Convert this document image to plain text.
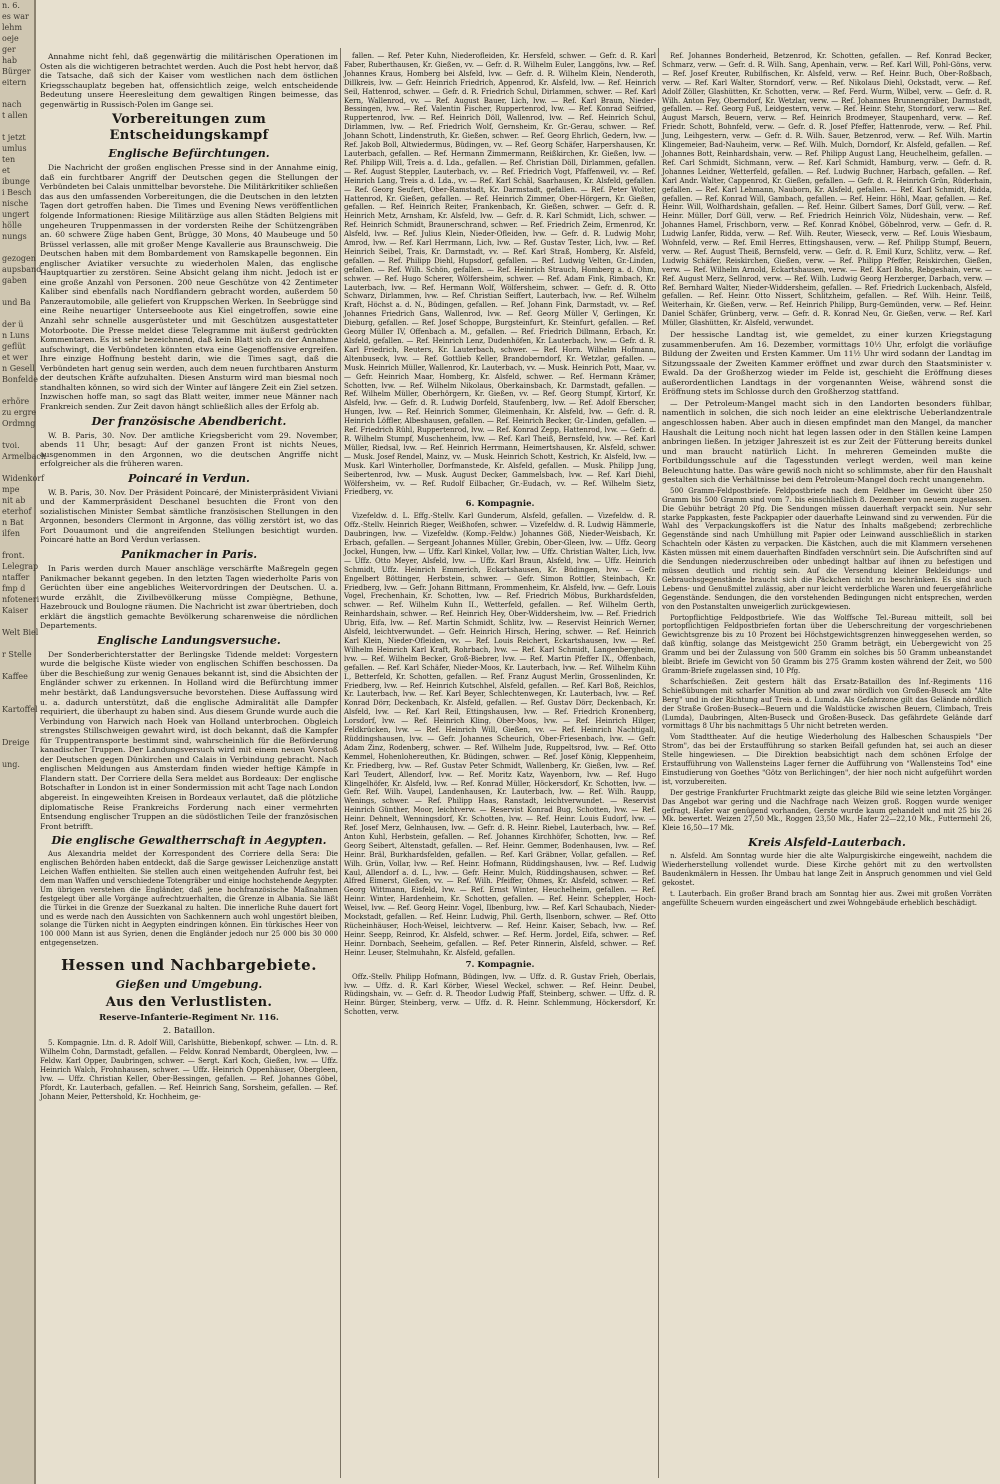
n. 6.
es war
lehm
oeje
ger
hab
Bürger
eitern

nach
t allen

t jetzt
umlus
ten
et
ibunge
i Besch
nische
ungert
hölle
nungs

gezogen
aupsband
gaben

und Ba

der ü
n Luns
geflüt
et wer
n Gesell
Bonfelde

erhöre
zu ergre
Ordmng

tvoi.
Armelbach

Widenkorf
mpe
nit ab
eterhof
n Bat
ilfen

front.
Lelegrap
ntaffer
fmp d
nfoteneri
Kaiser

Welt Biel

r Stelle

Kaffee

Kartoffel

Dreige

ung.

Annahme nicht fehl, daß gegenwärtig die militärischen Operationen im Osten als die wichtigeren betrachtet werden. Auch die Post hebt hervor, daß die Tatsache, daß sich der Kaiser vom westlichen nach dem östlichen Kriegsschauplatz begeben hat, offensichtlich zeige, welch entscheidende Bedeutung unsere Heeresleitung dem gewaltigen Ringen beimesse, das gegenwärtig in Russisch-Polen im Gange sei.

Vorbereitungen zum Entscheidungskampf
Englische Befürchtungen.

Die Nachricht der großen englischen Presse sind in der Annahme einig, daß ein furchtbarer Angriff der Deutschen gegen die Stellungen der Verbündeten bei Calais unmittelbar bevorstehe. Die Militärkritiker schließen das aus den umfassenden Vorbereitungen, die die Deutschen in den letzten Tagen dort getroffen haben. Die Times und Evening News veröffentlichen folgende Informationen: Riesige Militärzüge aus allen Städten Belgiens mit ungeheuren Truppenmassen in der vordersten Reihe der Schützengräben an. 60 schwere Züge haben Gent, Brügge, 30 Mons, 40 Maubeuge und 50 Brüssel verlassen, alle mit großer Menge Kavallerie aus Braunschweig. Die Deutschen haben mit dem Bombardement von Ramskapelle begonnen. Ein englischer Aviatiker versuchte zu wiederholen Malen, das englische Hauptquartier zu zerstören. Seine Absicht gelang ihm nicht. Jedoch ist er eine große Anzahl von Personen. 200 neue Geschütze von 42 Zentimeter Kaliber sind ebenfalls nach Nordflandern gebracht worden, außerdem 50 Panzerautomobile, alle geliefert von Kruppschen Werken. In Seebrügge sind eine Reihe neuartiger Unterseeboote aus Kiel eingetroffen, sowie eine Anzahl sehr schnelle ausgerüsteter und mit Geschützen ausgestatteter Motorboote. Die Presse meldet diese Telegramme mit äußerst gedrückten Kommentaren. Es ist sehr bezeichnend, daß kein Blatt sich zu der Annahme aufschwingt, die Verbündeten könnten etwa eine Gegenoffensive ergreifen. Ihre einzige Hoffnung besteht darin, wie die Times sagt, daß die Verbündeten hart genug sein werden, auch dem neuen furchtbaren Ansturm der deutschen Kräfte aufzuhalten. Diesen Ansturm wird man biesmal noch standhalten können, so wird sich der Winter auf längere Zeit ein Ziel setzen. Inzwischen hoffe man, so sagt das Blatt weiter, immer neue Männer nach Frankreich senden. Zur Zeit davon hängt schließlich alles der Erfolg ab.

Der französische Abendbericht.

W. B. Paris, 30. Nov. Der amtliche Kriegsbericht vom 29. November, abends 11 Uhr, besagt: Auf der ganzen Front ist nichts Neues, ausgenommen in den Argonnen, wo die deutschen Angriffe nicht erfolgreicher als die früheren waren.

Poincaré in Verdun.

W. B. Paris, 30. Nov. Der Präsident Poincaré, der Ministerpräsident Viviani und der Kammerpräsident Deschanel besuchten die Front von den sozialistischen Minister Sembat sämtliche französischen Stellungen in den Argonnen, besonders Clermont in Argonne, das völlig zerstört ist, wo das Fort Douaumont und die angreifenden Stellungen besichtigt wurden. Poincaré hatte an Bord Verdun verlassen.

Panikmacher in Paris.

In Paris werden durch Mauer anschläge verschärfte Maßregeln gegen Panikmacher bekannt gegeben. In den letzten Tagen wiederholte Paris von Gerüchten über eine angebliches Weitervordringen der Deutschen. U. a. wurde erzählt, die Zivilbevölkerung müsse Compiègne, Bethune, Hazebrouck und Boulogne räumen. Die Nachricht ist zwar übertrieben, doch erklärt die ängstlich gemachte Bevölkerung scharenweise die nördlichen Departements.

Englische Landungsversuche.

Der Sonderberichterstatter der Berlingske Tidende meldet: Vorgestern wurde die belgische Küste wieder von englischen Schiffen beschossen. Da über die Beschießung zur wenig Genaues bekannt ist, sind die Absichten der Engländer schwer zu erkennen. In Holland wird die Befürchtung immer mehr bestärkt, daß Landungsversuche bevorstehen. Diese Auffassung wird u. a. dadurch unterstützt, daß die englische Admiralität alle Dampfer requiriert, die überhaupt zu haben sind. Aus diesem Grunde wurde auch die Verbindung von Harwich nach Hoek van Holland unterbrochen. Obgleich strengstes Stillschweigen gewahrt wird, ist doch bekannt, daß die Kampfer für Truppentransporte bestimmt sind, wahrscheinlich für die Beförderung kanadischer Truppen. Der Landungsversuch wird mit einem neuen Vorstoß der Deutschen gegen Dünkirchen und Calais in Verbindung gebracht. Nach englischen Meldungen aus Amsterdam finden wieder heftige Kämpfe in Flandern statt. Der Corriere della Sera meldet aus Bordeaux: Der englische Botschafter in London ist in einer Sondermission mit acht Tage nach London abgereist. In eingeweihten Kreisen in Bordeaux verlautet, daß die plötzliche diplomatische Reise Frankreichs Forderung nach einer vermehrten Entsendung englischer Truppen an die südöstlichen Teile der französischen Front betrifft.

Die englische Gewaltherrschaft in Aegypten.

Aus Alexandria meldet der Korrespondent des Corriere della Sera: Die englischen Behörden haben entdeckt, daß die Sarge gewisser Leichenzüge anstatt Leichen Waffen enthielten. Sie stellen auch einen weitgehenden Aufruhr fest, bei dem man Waffen und verschiedene Totengräber und einige hochstehende Aegypter. Um übrigen verstehen die Engländer, daß jene hochfranzösische Maßnahmen festgelegt über alle Vorgänge aufrechtzuerhalten, die Grenze in Albania. Sie läßt die Türkei in die Grenze der Suezkanal zu halten. Die innerliche Ruhe dauert fort und es werde nach den Aussichten von Sachkennern auch wohl ungestört bleiben, solange die Türken nicht in Aegypten eindringen können. Ein türkisches Heer von 100 000 Mann ist aus Syrien, denen die Engländer jedoch nur 25 000 bis 30 000 entgegensetzen.

Hessen und Nachbargebiete.
Gießen und Umgebung.
Aus den Verlustlisten.
Reserve-Infanterie-Regiment Nr. 116.
2. Bataillon.

5. Kompagnie. Ltn. d. R. Adolf Will, Carlshütte, Biebenkopf, schwer. — Ltn. d. R. Wilhelm Cohn, Darmstadt, gefallen. — Feldw. Konrad Nembardt, Obergleen, lvw. — Feldw. Karl Opper, Daubringen, schwer. — Sergt. Karl Koch, Gießen, lvw. — Uffz. Heinrich Walch, Frohnhausen, schwer. — Uffz. Heinrich Oppenhäuser, Obergleen, lvw. — Uffz. Christian Keller, Ober-Bessingen, gefallen. — Ref. Johannes Göbel, Pfordt, Kr. Lauterbach, gefallen. — Ref. Heinrich Sang, Sorsheim, gefallen. — Ref. Johann Meier, Pettershold, Kr. Hochheim, ge-

fallen. — Ref. Peter Kuhn, Niederofleiden, Kr. Hersfeld, schwer. — Gefr. d. R. Karl Faber, Ruberthausen, Kr. Gießen, vv. — Gefr. d. R. Wilhelm Euler, Langgöns, lvw. — Ref. Johannes Kraus, Homberg bei Alsfeld, lvw. — Gefr. d. R. Wilhelm Klein, Nenderoth, Dillkreis, lvw. — Gefr. Heinrich Friedrich, Appenrod, Kr. Alsfeld, lvw. — Ref. Heinrich Seil, Hattenrod, schwer. — Gefr. d. R. Friedrich Schul, Dirlammen, schwer. — Ref. Karl Kern, Wallenrod, vv. — Ref. August Bauer, Lich, lvw. — Ref. Karl Braun, Nieder-Bessingen, lvw. — Ref. Valentin Fischer, Ruppertenrod, lvw. — Ref. Konrad Seifried, Ruppertenrod, lvw. — Ref. Heinrich Döll, Wallenrod, lvw. — Ref. Heinrich Schul, Dirlammen, lvw. — Ref. Friedrich Wolf, Gernsheim, Kr. Gr.-Gerau, schwer. — Ref. Johann Schott, Lindenstruth, Kr. Gießen, schwer. — Ref. Georg Ehrlich, Gedern, lvw. — Ref. Jakob Boll, Altwiedermus, Büdingen, vv. — Ref. Georg Schäfer, Harpershausen, Kr. Lauterbach, gefallen. — Ref. Hermann Zimmermann, Reißkirchen, Kr. Gießen, lvw. — Ref. Philipp Will, Treis a. d. Lda., gefallen. — Ref. Christian Döll, Dirlammen, gefallen. — Ref. August Steppler, Lauterbach, vv. — Ref. Friedrich Vogt, Pfaffenweil, vv. — Ref. Heinrich Lang, Treis a. d. Lda., vv. — Ref. Karl Schäl, Saarhausen, Kr. Alsfeld, gefallen. — Ref. Georg Seufert, Ober-Ramstadt, Kr. Darmstadt, gefallen. — Ref. Peter Wolter, Hattenrod, Kr. Gießen, gefallen. — Ref. Heinrich Zimmer, Ober-Hörgern, Kr. Gießen, gefallen. — Ref. Heinrich Reiter, Frankenbach, Kr. Gießen, schwer. — Gefr. d. R. Heinrich Metz, Arnsham, Kr. Alsfeld, lvw. — Gefr. d. R. Karl Schmidt, Lich, schwer. — Ref. Heinrich Schmidt, Braunerschrand, schwer. — Ref. Friedrich Zeim, Ermenrod, Kr. Alsfeld, lvw. — Ref. Julius Klein, Nieder-Ofleiden, lvw. — Gefr. d. R. Ludwig Mohr, Amrod, lvw. — Ref. Karl Herrmann, Lich, lvw. — Ref. Gustav Tester, Lich, lvw. — Ref. Heinrich Seibel, Trais, Kr. Darmstadt, vv. — Ref. Karl Straß, Homberg, Kr. Alsfeld, gefallen. — Ref. Philipp Diehl, Hupsdorf, gefallen. — Ref. Ludwig Velten, Gr.-Linden, gefallen. — Ref. Wilh. Schön, gefallen. — Ref. Heinrich Strauch, Homberg a. d. Ohm, schwer. — Ref. Hugo Scherer, Wölfersheim, schwer. — Ref. Adam Fink, Rimbach, Kr. Lauterbach, lvw. — Ref. Hermann Wolf, Wölfersheim, schwer. — Gefr. d. R. Otto Schwarz, Dirlammen, lvw. — Ref. Christian Seiffert, Lauterbach, lvw. — Ref. Wilhelm Kraft, Höchst a. d. N., Büdingen, gefallen. — Ref. Johann Fink, Darmstadt, vv. — Ref. Johannes Friedrich Gans, Wallenrod, lvw. — Ref. Georg Müller V, Gerlingen, Kr. Dieburg, gefallen. — Ref. Josef Schoppe, Burgsteinfurt, Kr. Steinfurt, gefallen. — Ref. Georg Müller IV, Offenbach a. M., gefallen. — Ref. Friedrich Dillmann, Erbach, Kr. Alsfeld, gefallen. — Ref. Heinrich Lenz, Dudenhöfen, Kr. Lauterbach, lvw. — Gefr. d. R. Karl Friedrich, Reuters, Kr. Lauterbach, schwer. — Ref. Horn. Wilhelm Hofmann, Altenbuseck, lvw. — Ref. Gottlieb Keller, Brandoberndorf, Kr. Wetzlar, gefallen. — Musk. Heinrich Müller, Wallenrod, Kr. Lauterbach, vv. — Musk. Heinrich Pott, Maar, vv. — Gefr. Heinrich Maar, Homberg, Kr. Alsfeld, schwer. — Ref. Hermann Krämer, Schotten, lvw. — Ref. Wilhelm Nikolaus, Oberkainsbach, Kr. Darmstadt, gefallen. — Ref. Wilhelm Müller, Oberhörgern, Kr. Gießen, vv. — Ref. Georg Stumpf, Kirtorf, Kr. Alsfeld, lvw. — Gefr. d. R. Ludwig Dorfeld, Staufenberg, lvw. — Ref. Adolf Eberscher, Hungen, lvw. — Ref. Heinrich Sommer, Gleimenhain, Kr. Alsfeld, lvw. — Gefr. d. R. Heinrich Löffler, Albeshausen, gefallen. — Ref. Heinrich Becker, Gr.-Linden, gefallen. — Ref. Friedrich Rühl, Ruppertenrod, lvw. — Ref. Konrad Zepp, Hattenrod, lvw. — Gefr. d. R. Wilhelm Stumpf, Muschenheim, lvw. — Ref. Karl Theiß, Bernsfeld, lvw. — Ref. Karl Müller, Riedsal, lvw. — Ref. Heinrich Herrmann, Heimertshausen, Kr. Alsfeld, schwer. — Musk. Josef Rendel, Mainz, vv. — Musk. Heinrich Schott, Kestrich, Kr. Alsfeld, lvw. — Musk. Karl Winterholler, Dorfmanstede, Kr. Alsfeld, gefallen. — Musk. Philipp Jung, Seibertenrod, lvw. — Musk. August Decker, Gammelsbach, lvw. — Ref. Karl Diehl, Wölfersheim, vv. — Ref. Rudolf Eilbacher, Gr.-Eudach, vv. — Ref. Wilhelm Sietz, Friedberg, vv.

6. Kompagnie.

Vizefeldw. d. L. Effg.-Stellv. Karl Gunderum, Alsfeld, gefallen. — Vizefeldw. d. R. Offz.-Stellv. Heinrich Rieger, Weißhofen, schwer. — Vizefeldw. d. R. Ludwig Hämmerle, Daubringen, lvw. — Vizefeldw. (Komp.-Feldw.) Johannes Göß, Nieder-Weisbach, Kr. Erbach, gefallen. — Sergeant Johannes Müller, Grebin, Ober-Gleen, lvw. — Uffz. Georg Jockel, Hungen, lvw. — Uffz. Karl Kinkel, Vollar, lvw. — Uffz. Christian Walter, Lich, lvw. — Uffz. Otto Meyer, Alsfeld, lvw. — Uffz. Karl Braun, Alsfeld, lvw. — Uffz. Heinrich Schmidt, Uffz. Heinrich Emmerich, Eckartshausen, Kr. Büdingen, lvw. — Gefr. Engelbert Böttinger, Herbstein, schwer. — Gefr. Simon Rottler, Steinbach, Kr. Friedberg, lvw. — Gefr. Johann Bittmann, Frommenheim, Kr. Alsfeld, lvw. — Gefr. Louis Vogel, Frechenhain, Kr. Schotten, lvw. — Ref. Friedrich Möbus, Burkhardsfelden, schwer. — Ref. Wilhelm Kuhn II., Wetterfeld, gefallen. — Ref. Wilhelm Gerth, Reinhardshain, schwer. — Ref. Heinrich Hey, Ober-Widdersheim, lvw. — Ref. Friedrich Ubrig, Eifa, lvw. — Ref. Martin Schmidt, Schlitz, lvw. — Reservist Heinrich Werner, Alsfeld, leichtverwundet. — Gefr. Heinrich Hirsch, Hering, schwer. — Ref. Heinrich Karl Klein, Nieder-Ofleiden, vv. — Ref. Louis Reichert, Eckartshausen, lvw. — Ref. Wilhelm Heinrich Karl Kraft, Rohrbach, lvw. — Ref. Karl Schmidt, Langenbergheim, lvw. — Ref. Wilhelm Becker, Groß-Biebrer, lvw. — Ref. Martin Pfeffer IX., Offenbach, gefallen. — Ref. Karl Schäfer, Nieder-Moos, Kr. Lauterbach, lvw. — Ref. Wilhelm Kühn I., Betterfeld, Kr. Schotten, gefallen. — Ref. Franz August Merlin, Grossenlinden, Kr. Friedberg, lvw. — Ref. Heinrich Kutschhel, Alsfeld, gefallen. — Ref. Karl Boß, Reichlos, Kr. Lauterbach, lvw. — Ref. Karl Beyer, Schlechtenwegen, Kr. Lauterbach, lvw. — Ref. Konrad Dörr, Deckenbach, Kr. Alsfeld, gefallen. — Ref. Gustav Dörr, Deckenbach, Kr. Alsfeld, lvw. — Ref. Karl Reil, Ettingshausen, lvw. — Ref. Friedrich Kronenberg, Lorsdorf, lvw. — Ref. Heinrich Kling, Ober-Moos, lvw. — Ref. Heinrich Hilger, Feldkrücken, lvw. — Ref. Heinrich Will, Gießen, vv. — Ref. Heinrich Nachtigall, Rüddingshausen, lvw. — Gefr. Johannes Scheurich, Ober-Friesenbach, lvw. — Gefr. Adam Zinz, Rodenberg, schwer. — Ref. Wilhelm Jude, Ruppeltsrod, lvw. — Ref. Otto Kemmel, Hohenlohereuthen, Kr. Büdingen, schwer. — Ref. Josef König, Kleppenheim, Kr. Friedberg, lvw. — Ref. Gustav Peter Schmidt, Wallenberg, Kr. Gießen, lvw. — Ref. Karl Teudert, Allendorf, lvw. — Ref. Moritz Katz, Wayenborn, lvw. — Ref. Hugo Klingelhöfer, Kr. Alsfeld, lvw. — Ref. Konrad Müller, Höckersdorf, Kr. Schotten, lvw. — Gefr. Ref. Wilh. Vaupel, Landenhausen, Kr. Lauterbach, lvw. — Ref. Wilh. Raupp, Wenings, schwer. — Ref. Philipp Haas, Ranstadt, leichtverwundet. — Reservist Heinrich Günther, Moor, leichtverw. — Reservist Konrad Bug, Schotten, lvw. — Ref. Heinr. Dehnelt, Wenningsdorf, Kr. Schotten, lvw. — Ref. Heinr. Louis Eudorf, lvw. — Ref. Josef Merz, Gelnhausen, lvw. — Gefr. d. R. Heinr. Riebel, Lauterbach, lvw. — Ref. Anton Kuhl, Herbstein, gefallen. — Ref. Johannes Kirchhöfer, Schotten, lvw. — Ref. Georg Seibert, Altenstadt, gefallen. — Ref. Heinr. Gemmer, Bodenhausen, lvw. — Ref. Heinr. Bräl, Burkhardsfelden, gefallen. — Ref. Karl Gräbner, Vollar, gefallen. — Ref. Wilh. Grün, Vollar, lvw. — Ref. Heinr. Hofmann, Rüddingshausen, lvw. — Ref. Ludwig Kaul, Allendorf a. d. L., lvw. — Gefr. Heinr. Mulch, Rüddingshausen, schwer. — Ref. Alfred Eimerst, Gießen, vv. — Ref. Wilh. Pfeiffer, Ohmes, Kr. Alsfeld, schwer. — Ref. Georg Wittmann, Eisfeld, lvw. — Ref. Ernst Winter, Heuchelheim, gefallen. — Ref. Heinr. Winter, Hardenheim, Kr. Schotten, gefallen. — Ref. Heinr. Scheppler, Hoch-Weisel, lvw. — Ref. Georg Heinr. Vogel, Ilbenburg, lvw. — Ref. Karl Schaubach, Nieder-Mockstadt, gefallen. — Ref. Heinr. Ludwig, Phil. Gerth, Ilsenborn, schwer. — Ref. Otto Rücheinhäuser, Hoch-Weisel, leichtverw. — Ref. Heinr. Kaiser, Sebach, lvw. — Ref. Heinr. Seepp, Reinrod, Kr. Alsfeld, schwer. — Ref. Herm. Jordel, Eifa, schwer. — Ref. Heinr. Dornbach, Seeheim, gefallen. — Ref. Peter Rinnerin, Alsfeld, schwer. — Ref. Heinr. Leuser, Stelmuhahn, Kr. Alsfeld, gefallen.

7. Kompagnie.

Offz.-Stellv. Philipp Hofmann, Büdingen, lvw. — Uffz. d. R. Gustav Frieh, Oberlais, lvw. — Uffz. d. R. Karl Körber, Wiesel Weckel, schwer. — Ref. Heinr. Deubel, Rüdingshain, vv. — Gefr. d. R. Theodor Ludwig Pfaff, Steinberg, schwer. — Uffz. d. R. Heinr. Bürger, Steinberg, verw. — Uffz. d. R. Heinr. Schlemmung, Höckersdorf, Kr. Schotten, verw.

Ref. Johannes Bonderheid, Betzenrod, Kr. Schotten, gefallen. — Ref. Konrad Becker, Schmarz, verw. — Gefr. d. R. Wilh. Sang, Apenhain, verw. — Ref. Karl Will, Pohl-Göns, verw. — Ref. Josef Kreuter, Rubilfischen, Kr. Alsfeld, verw. — Ref. Heinr. Buch, Ober-Roßbach, verw. — Ref. Karl Walter, Storndorf, verw. — Ref. Nikolaus Diehl, Ockstadt, verw. — Ref. Adolf Zöller, Glashütten, Kr. Schotten, verw. — Ref. Ferd. Wurm, Wilbel, verw. — Gefr. d. R. Wilh. Anton Fey, Oberndorf, Kr. Wetzlar, verw. — Ref. Johannes Brunnengräber, Darmstadt, gefallen. — Ref. Georg Fuß, Leidgestern, verw. — Ref. Heinr. Stehr, Storndorf, verw. — Ref. August Marsch, Beuern, verw. — Ref. Heinrich Brodmeyer, Staupenhard, verw. — Ref. Friedr. Schott, Bohnfeld, verw. — Gefr. d. R. Josef Pfeffer, Hattenrode, verw. — Ref. Phil. Jung, Leihgestern, verw. — Gefr. d. R. Wilh. Sauer, Betzenrod, verw. — Ref. Wilh. Martin Klingemeier, Bad-Nauheim, verw. — Ref. Wilh. Mulch, Dorndorf, Kr. Alsfeld, gefallen. — Ref. Johannes Bott, Reinhardshain, verw. — Ref. Philipp August Lang, Heuchelheim, gefallen. — Ref. Carl Schmidt, Sichmann, verw. — Ref. Karl Schmidt, Hamburg, verw. — Gefr. d. R. Johannes Leidner, Wetterfeld, gefallen. — Ref. Ludwig Buchner, Harbach, gefallen. — Ref. Karl Andr. Walter, Cappenrod, Kr. Gießen, gefallen. — Gefr. d. R. Heinrich Grün, Rüderhain, gefallen. — Ref. Karl Lehmann, Nauborn, Kr. Alsfeld, gefallen. — Ref. Karl Schmidt, Ridda, gefallen. — Ref. Konrad Will, Gambach, gefallen. — Ref. Heinr. Höhl, Maar, gefallen. — Ref. Heinr. Will, Wolfhardshain, gefallen. — Ref. Heinr. Gilbert Sames, Dorf Güll, verw. — Ref. Heinr. Müller, Dorf Güll, verw. — Ref. Friedrich Heinrich Völz, Nüdeshain, verw. — Ref. Johannes Hamel, Frischborn, verw. — Ref. Konrad Knöbel, Göbelnrod, verw. — Gefr. d. R. Ludwig Lanfer, Ridda, verw. — Ref. Wilh. Reuter, Wieseck, verw. — Ref. Louis Wiesbaum, Wohnfeld, verw. — Ref. Emil Herres, Ettingshausen, verw. — Ref. Philipp Stumpf, Beuern, verw. — Ref. August Theiß, Bernsfeld, verw. — Gefr. d. R. Emil Kurz, Schlitz, verw. — Ref. Ludwig Schäfer, Reiskirchen, Gießen, verw. — Ref. Philipp Pfeffer, Reiskirchen, Gießen, verw. — Ref. Wilhelm Arnold, Eckartshausen, verw. — Ref. Karl Bohs, Rebgeshain, verw. — Ref. August Merz, Sellnrod, verw. — Ref. Wilh. Ludwig Georg Herzberger, Darbach, verw. — Ref. Bernhard Walter, Nieder-Widdersheim, gefallen. — Ref. Friedrich Luckenbach, Alsfeld, gefallen. — Ref. Heinr. Otto Nissert, Schlitzheim, gefallen. — Ref. Wilh. Heinr. Teilß, Weiterhain, Kr. Gießen, verw. — Ref. Heinrich Philipp, Burg-Gemünden, verw. — Ref. Heinr. Daniel Schäfer, Grünberg, verw. — Gefr. d. R. Konrad Neu, Gr. Gießen, verw. — Ref. Karl Müller, Glashütten, Kr. Alsfeld, verwundet.

Der hessische Landtag ist, wie gemeldet, zu einer kurzen Kriegstagung zusammenberufen. Am 16. Dezember, vormittags 10½ Uhr, erfolgt die vorläufige Bildung der Zweiten und Ersten Kammer. Um 11½ Uhr wird sodann der Landtag im Sitzungssaale der Zweiten Kammer eröffnet und zwar durch den Staatsminister v. Ewald. Da der Großherzog wieder im Felde ist, geschieht die Eröffnung dieses außerordentlichen Landtags in der vorgenannten Weise, während sonst die Eröffnung stets im Schlosse durch den Großherzog stattfand.

— Der Petroleum-Mangel macht sich in den Landorten besonders fühlbar, namentlich in solchen, die sich noch leider an eine elektrische Ueberlandzentrale angeschlossen haben. Aber auch in diesen empfindet man den Mangel, da mancher Haushalt die Leitung noch nicht hat legen lassen oder in den Ställen keine Lampen anbringen ließen. In jetziger Jahreszeit ist es zur Zeit der Fütterung bereits dunkel und man braucht natürlich Licht. In mehreren Gemeinden mußte die Fortbildungsschule auf die Tagesstunden verlegt werden, weil man keine Beleuchtung hatte. Das wäre gewiß noch nicht so schlimmste, aber für den Haushalt gestalten sich die Verhältnisse bei dem Petroleum-Mangel doch recht unangenehm.

500 Gramm-Feldpostbriefe. Feldpostbriefe nach dem Feldheer im Gewicht über 250 Gramm bis 500 Gramm sind vom 7. bis einschließlich 8. Dezember von neuem zugelassen. Die Gebühr beträgt 20 Pfg. Die Sendungen müssen dauerhaft verpackt sein. Nur sehr starke Pappkasten, feste Packpapier oder dauerhafte Leinwand sind zu verwenden. Für die Wahl des Verpackungskoffers ist die Natur des Inhalts maßgebend; zerbrechliche Gegenstände sind nach Umhüllung mit Papier oder Leinwand ausschließlich in starken Schachteln oder Kästen zu verpacken. Die Kästchen, auch die mit Klammern versehenen Kästen müssen mit einem dauerhaften Bindfaden verschnürt sein. Die Aufschriften sind auf die Sendungen niederzuschreiben oder unbedingt haltbar auf ihnen zu befestigen und müssen deutlich und richtig sein. Auf die Versendung kleiner Bekleidungs- und Gebrauchsgegenstände braucht sich die Päckchen nicht zu beschränken. Es sind auch Lebens- und Genußmittel zulässig, aber nur leicht verderbliche Waren und feuergefährliche Gegenstände. Sendungen, die den vorstehenden Bedingungen nicht entsprechen, werden von den Postanstalten unweigerlich zurückgewiesen.

Portopflichtige Feldpostbriefe. Wie das Wolffsche Tel.-Bureau mitteilt, soll bei portopflichtigen Feldpostbriefen fortan über die Ueberschreitung der vorgeschriebenen Gewichtsgrenze bis zu 10 Prozent bei Höchstgewichtsgrenzen hinweggesehen werden, so daß künftig, solange das Meistgewicht 250 Gramm beträgt, ein Uebergewicht von 25 Gramm und bei der Zulassung von 500 Gramm ein solches bis 50 Gramm unbeanstandet bleibt. Briefe im Gewicht von 50 Gramm bis 275 Gramm kosten während der Zeit, wo 500 Gramm-Briefe zugelassen sind, 10 Pfg.

Scharfschießen. Zeit gestern hält das Ersatz-Bataillon des Inf.-Regiments 116 Schießübungen mit scharfer Munition ab und zwar nördlich von Großen-Buseck am "Alte Berg" und in der Richtung auf Treis a. d. Lumda. Als Gefahrzone gilt das Gelände nördlich der Straße Großen-Buseck—Beuern und die Waldstücke zwischen Beuern, Climbach, Treis (Lumda), Daubringen, Alten-Buseck und Großen-Buseck. Das gefährdete Gelände darf vormittags 8 Uhr bis nachmittags 5 Uhr nicht betreten werden.

Vom Stadttheater. Auf die heutige Wiederholung des Halbeschen Schauspiels "Der Strom", das bei der Erstaufführung so starken Beifall gefunden hat, sei auch an dieser Stelle hingewiesen. — Die Direktion beabsichtigt nach dem schönen Erfolge der Erstaufführung von Wallensteins Lager ferner die Aufführung von "Wallensteins Tod" eine Einstudierung von Goethes "Götz von Berlichingen", der hier noch nicht aufgeführt worden ist, vorzubereiten.

Der gestrige Frankfurter Fruchtmarkt zeigte das gleiche Bild wie seine letzten Vorgänger. Das Angebot war gering und die Nachfrage nach Weizen groß. Roggen wurde weniger gefragt, Hafer war genügend vorhanden, Gerste wurde kaum gehandelt und mit 25 bis 26 Mk. bewertet. Weizen 27,50 Mk., Roggen 23,50 Mk., Hafer 22—22,10 Mk., Futtermehl 26, Kleie 16,50—17 Mk.

Kreis Alsfeld-Lauterbach.

n. Alsfeld. Am Sonntag wurde hier die alte Walpurgiskirche eingeweiht, nachdem die Wiederherstellung vollendet wurde. Diese Kirche gehört mit zu den wertvollsten Baudenkmälern in Hessen. Ihr Umbau hat lange Zeit in Anspruch genommen und viel Geld gekostet.

t. Lauterbach. Ein großer Brand brach am Sonntag hier aus. Zwei mit großen Vorräten angefüllte Scheuern wurden eingeäschert und zwei Wohngebäude erheblich beschädigt.
